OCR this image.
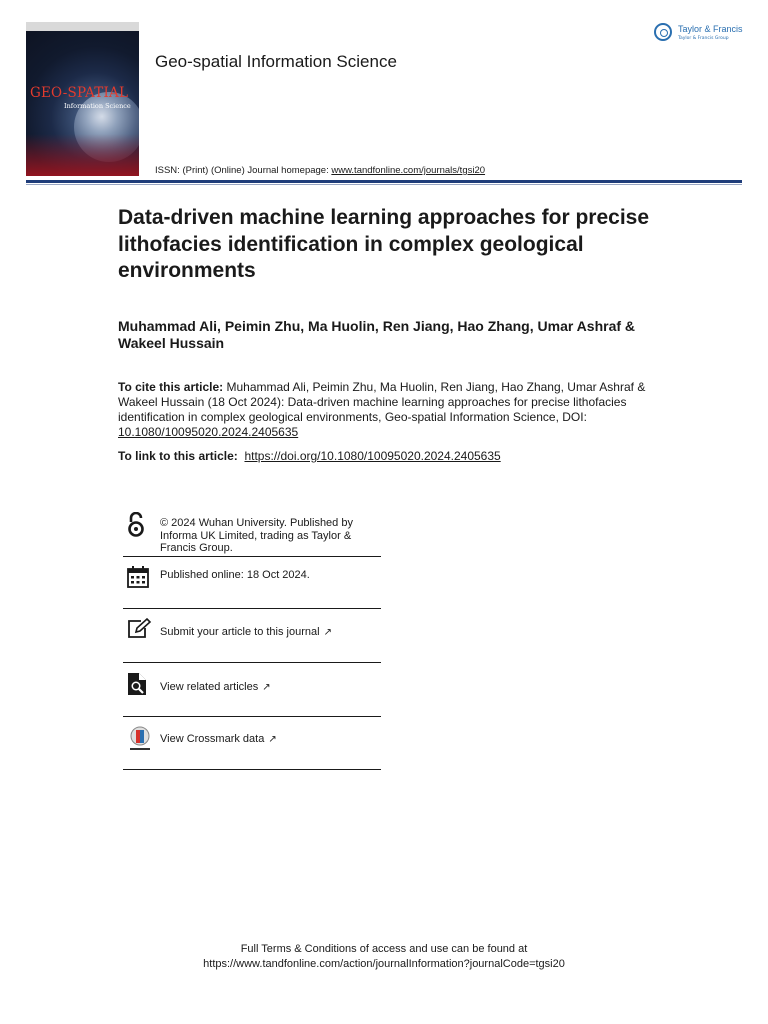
GEO-SPATIAL
Information Science
Geo-spatial Information Science
Taylor & Francis
Taylor & Francis Group
ISSN: (Print) (Online) Journal homepage: www.tandfonline.com/journals/tgsi20
Data-driven machine learning approaches for precise lithofacies identification in complex geological environments
Muhammad Ali, Peimin Zhu, Ma Huolin, Ren Jiang, Hao Zhang, Umar Ashraf & Wakeel Hussain
To cite this article: Muhammad Ali, Peimin Zhu, Ma Huolin, Ren Jiang, Hao Zhang, Umar Ashraf & Wakeel Hussain (18 Oct 2024): Data-driven machine learning approaches for precise lithofacies identification in complex geological environments, Geo-spatial Information Science, DOI: 10.1080/10095020.2024.2405635
To link to this article: https://doi.org/10.1080/10095020.2024.2405635
© 2024 Wuhan University. Published by Informa UK Limited, trading as Taylor & Francis Group.
Published online: 18 Oct 2024.
Submit your article to this journal ↗
View related articles ↗
View Crossmark data ↗
Full Terms & Conditions of access and use can be found at
https://www.tandfonline.com/action/journalInformation?journalCode=tgsi20
